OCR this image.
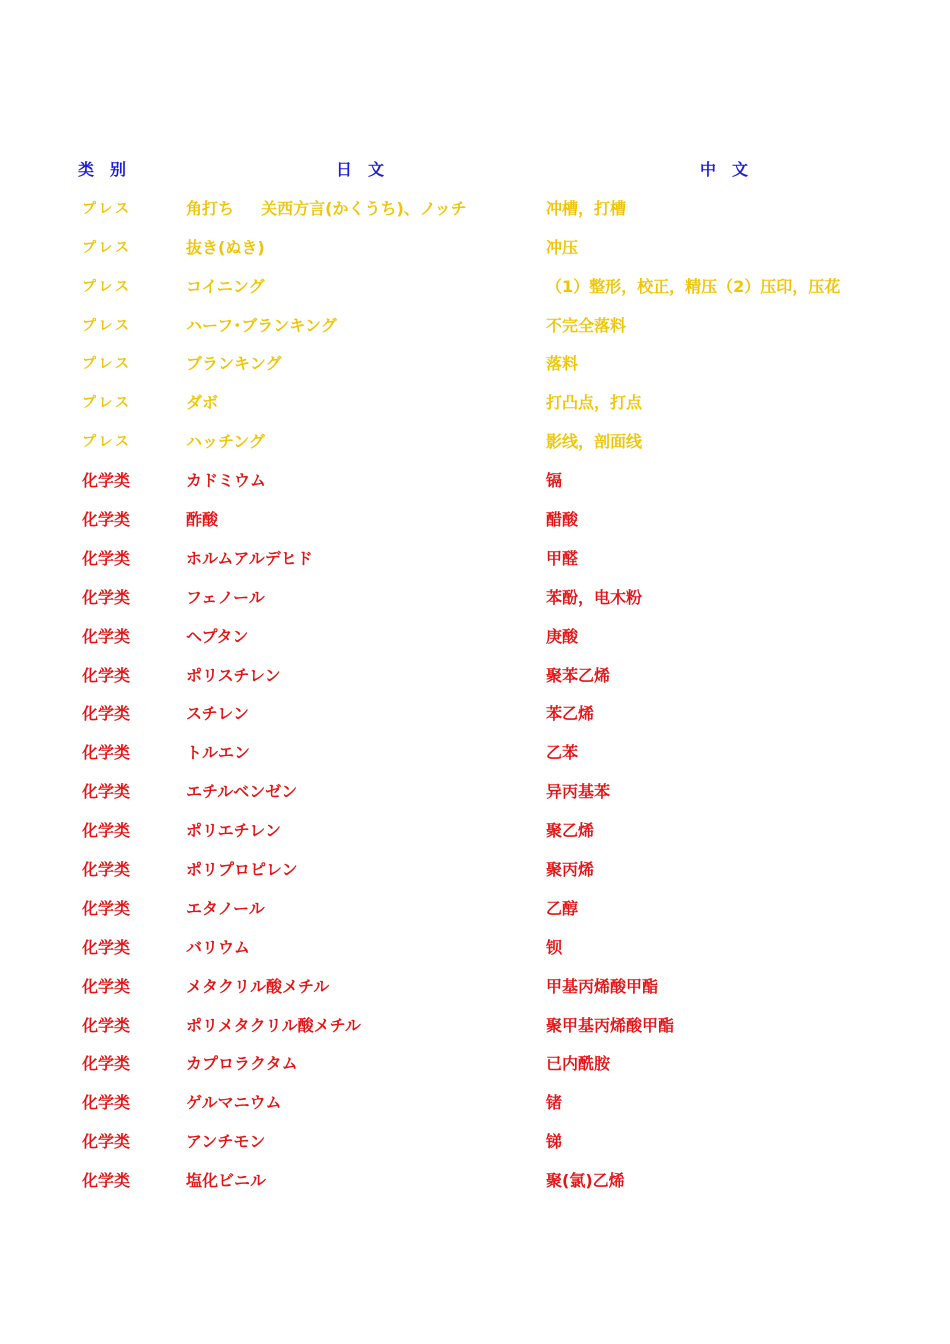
类　别	日　文	中　文
プレス	角打ち　  关西方言(かくうち)、ノッチ	冲槽，打槽
プレス	抜き(ぬき)	冲压
プレス	コイニング	（1）整形，校正，精压（2）压印，压花
プレス	ハーフ･ブランキング	不完全落料
プレス	ブランキング	落料
プレス	ダボ	打凸点，打点
プレス	ハッチング	影线，剖面线
化学类	カドミウム	镉
化学类	酢酸	醋酸
化学类	ホルムアルデヒド	甲醛
化学类	フェノール	苯酚，电木粉
化学类	ヘプタン	庚酸
化学类	ポリスチレン	聚苯乙烯
化学类	スチレン	苯乙烯
化学类	トルエン	乙苯
化学类	エチルベンゼン	异丙基苯
化学类	ポリエチレン	聚乙烯
化学类	ポリプロピレン	聚丙烯
化学类	エタノール	乙醇
化学类	バリウム	钡
化学类	メタクリル酸メチル	甲基丙烯酸甲酯
化学类	ポリメタクリル酸メチル	聚甲基丙烯酸甲酯
化学类	カプロラクタム	已内酰胺
化学类	ゲルマニウム	锗
化学类	アンチモン	锑
化学类	塩化ビニル	聚(氯)乙烯
